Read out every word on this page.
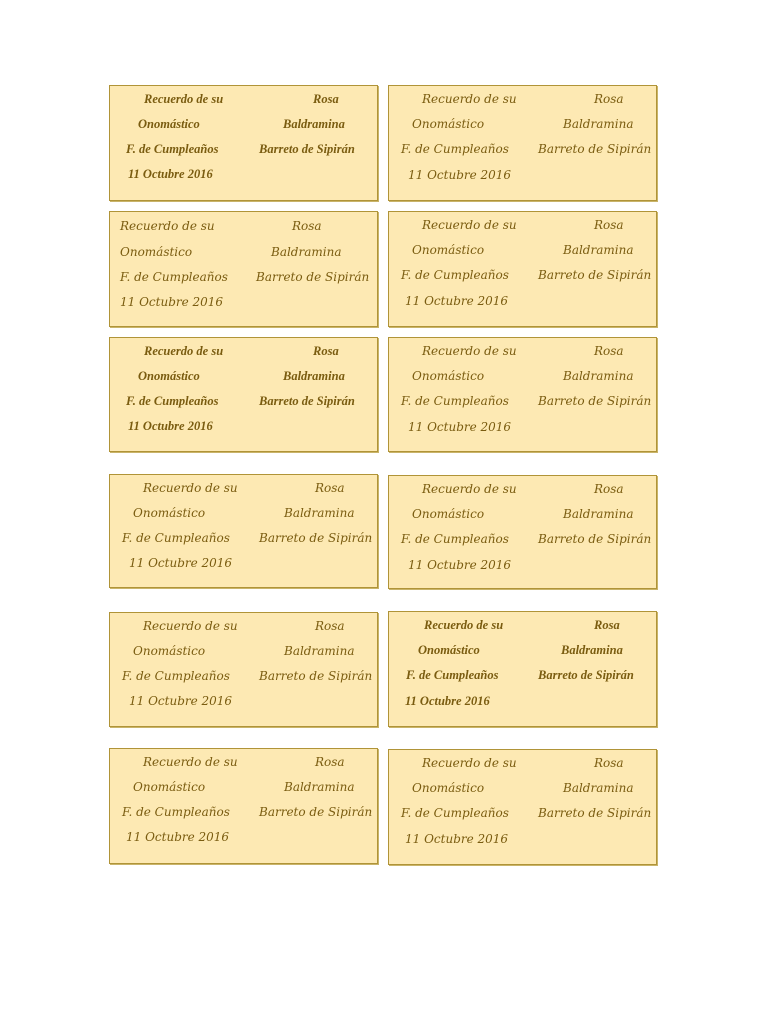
Recuerdo de su
Onomástico
F. de Cumpleaños
11 Octubre 2016
Rosa
Baldramina
Barreto de Sipirán
Recuerdo de su
Onomástico
F. de Cumpleaños
11 Octubre 2016
Rosa
Baldramina
Barreto de Sipirán
Recuerdo de su
Onomástico
F. de Cumpleaños
11 Octubre 2016
Rosa
Baldramina
Barreto de Sipirán
Recuerdo de su
Onomástico
F. de Cumpleaños
11 Octubre 2016
Rosa
Baldramina
Barreto de Sipirán
Recuerdo de su
Onomástico
F. de Cumpleaños
11 Octubre 2016
Rosa
Baldramina
Barreto de Sipirán
Recuerdo de su
Onomástico
F. de Cumpleaños
11 Octubre 2016
Rosa
Baldramina
Barreto de Sipirán
Recuerdo de su
Onomástico
F. de Cumpleaños
11 Octubre 2016
Rosa
Baldramina
Barreto de Sipirán
Recuerdo de su
Onomástico
F. de Cumpleaños
11 Octubre 2016
Rosa
Baldramina
Barreto de Sipirán
Recuerdo de su
Onomástico
F. de Cumpleaños
11 Octubre 2016
Rosa
Baldramina
Barreto de Sipirán
Recuerdo de su
Onomástico
F. de Cumpleaños
11 Octubre 2016
Rosa
Baldramina
Barreto de Sipirán
Recuerdo de su
Onomástico
F. de Cumpleaños
11 Octubre 2016
Rosa
Baldramina
Barreto de Sipirán
Recuerdo de su
Onomástico
F. de Cumpleaños
11 Octubre 2016
Rosa
Baldramina
Barreto de Sipirán
